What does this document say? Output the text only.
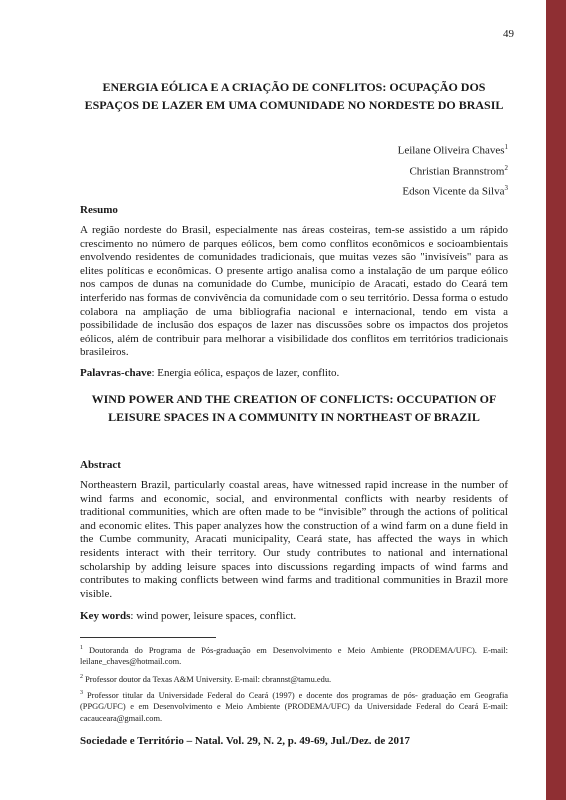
49
ENERGIA EÓLICA E A CRIAÇÃO DE CONFLITOS: OCUPAÇÃO DOS ESPAÇOS DE LAZER EM UMA COMUNIDADE NO NORDESTE DO BRASIL
Leilane Oliveira Chaves$^1$
Christian Brannstrom$^2$
Edson Vicente da Silva$^3$
Resumo
A região nordeste do Brasil, especialmente nas áreas costeiras, tem-se assistido a um rápido crescimento no número de parques eólicos, bem como conflitos econômicos e socioambientais envolvendo residentes de comunidades tradicionais, que muitas vezes são "invisíveis" para as elites políticas e econômicas. O presente artigo analisa como a instalação de um parque eólico nos campos de dunas na comunidade do Cumbe, município de Aracati, estado do Ceará tem interferido nas formas de convivência da comunidade com o seu território. Dessa forma o estudo colabora na ampliação de uma bibliografia nacional e internacional, tendo em vista a possibilidade de inclusão dos espaços de lazer nas discussões sobre os impactos dos projetos eólicos, além de contribuir para melhorar a visibilidade dos conflitos em territórios tradicionais brasileiros.
Palavras-chave: Energia eólica, espaços de lazer, conflito.
WIND POWER AND THE CREATION OF CONFLICTS: OCCUPATION OF LEISURE SPACES IN A COMMUNITY IN NORTHEAST OF BRAZIL
Abstract
Northeastern Brazil, particularly coastal areas, have witnessed rapid increase in the number of wind farms and economic, social, and environmental conflicts with nearby residents of traditional communities, which are often made to be “invisible” through the actions of political and economic elites. This paper analyzes how the construction of a wind farm on a dune field in the Cumbe community, Aracati municipality, Ceará state, has affected the ways in which residents interact with their territory. Our study contributes to national and international scholarship by adding leisure spaces into discussions regarding impacts of wind farms and contributes to making conflicts between wind farms and traditional communities in Brazil more visible.
Key words: wind power, leisure spaces, conflict.
$^1$ Doutoranda do Programa de Pós-graduação em Desenvolvimento e Meio Ambiente (PRODEMA/UFC). E-mail: leilane_chaves@hotmail.com.
$^2$ Professor doutor da Texas A&M University. E-mail: cbrannst@tamu.edu.
$^3$ Professor titular da Universidade Federal do Ceará (1997) e docente dos programas de pós- graduação em Geografia (PPGG/UFC) e em Desenvolvimento e Meio Ambiente (PRODEMA/UFC) da Universidade Federal do Ceará E-mail: cacauceara@gmail.com.
Sociedade e Território – Natal. Vol. 29, N. 2, p. 49-69, Jul./Dez. de 2017
